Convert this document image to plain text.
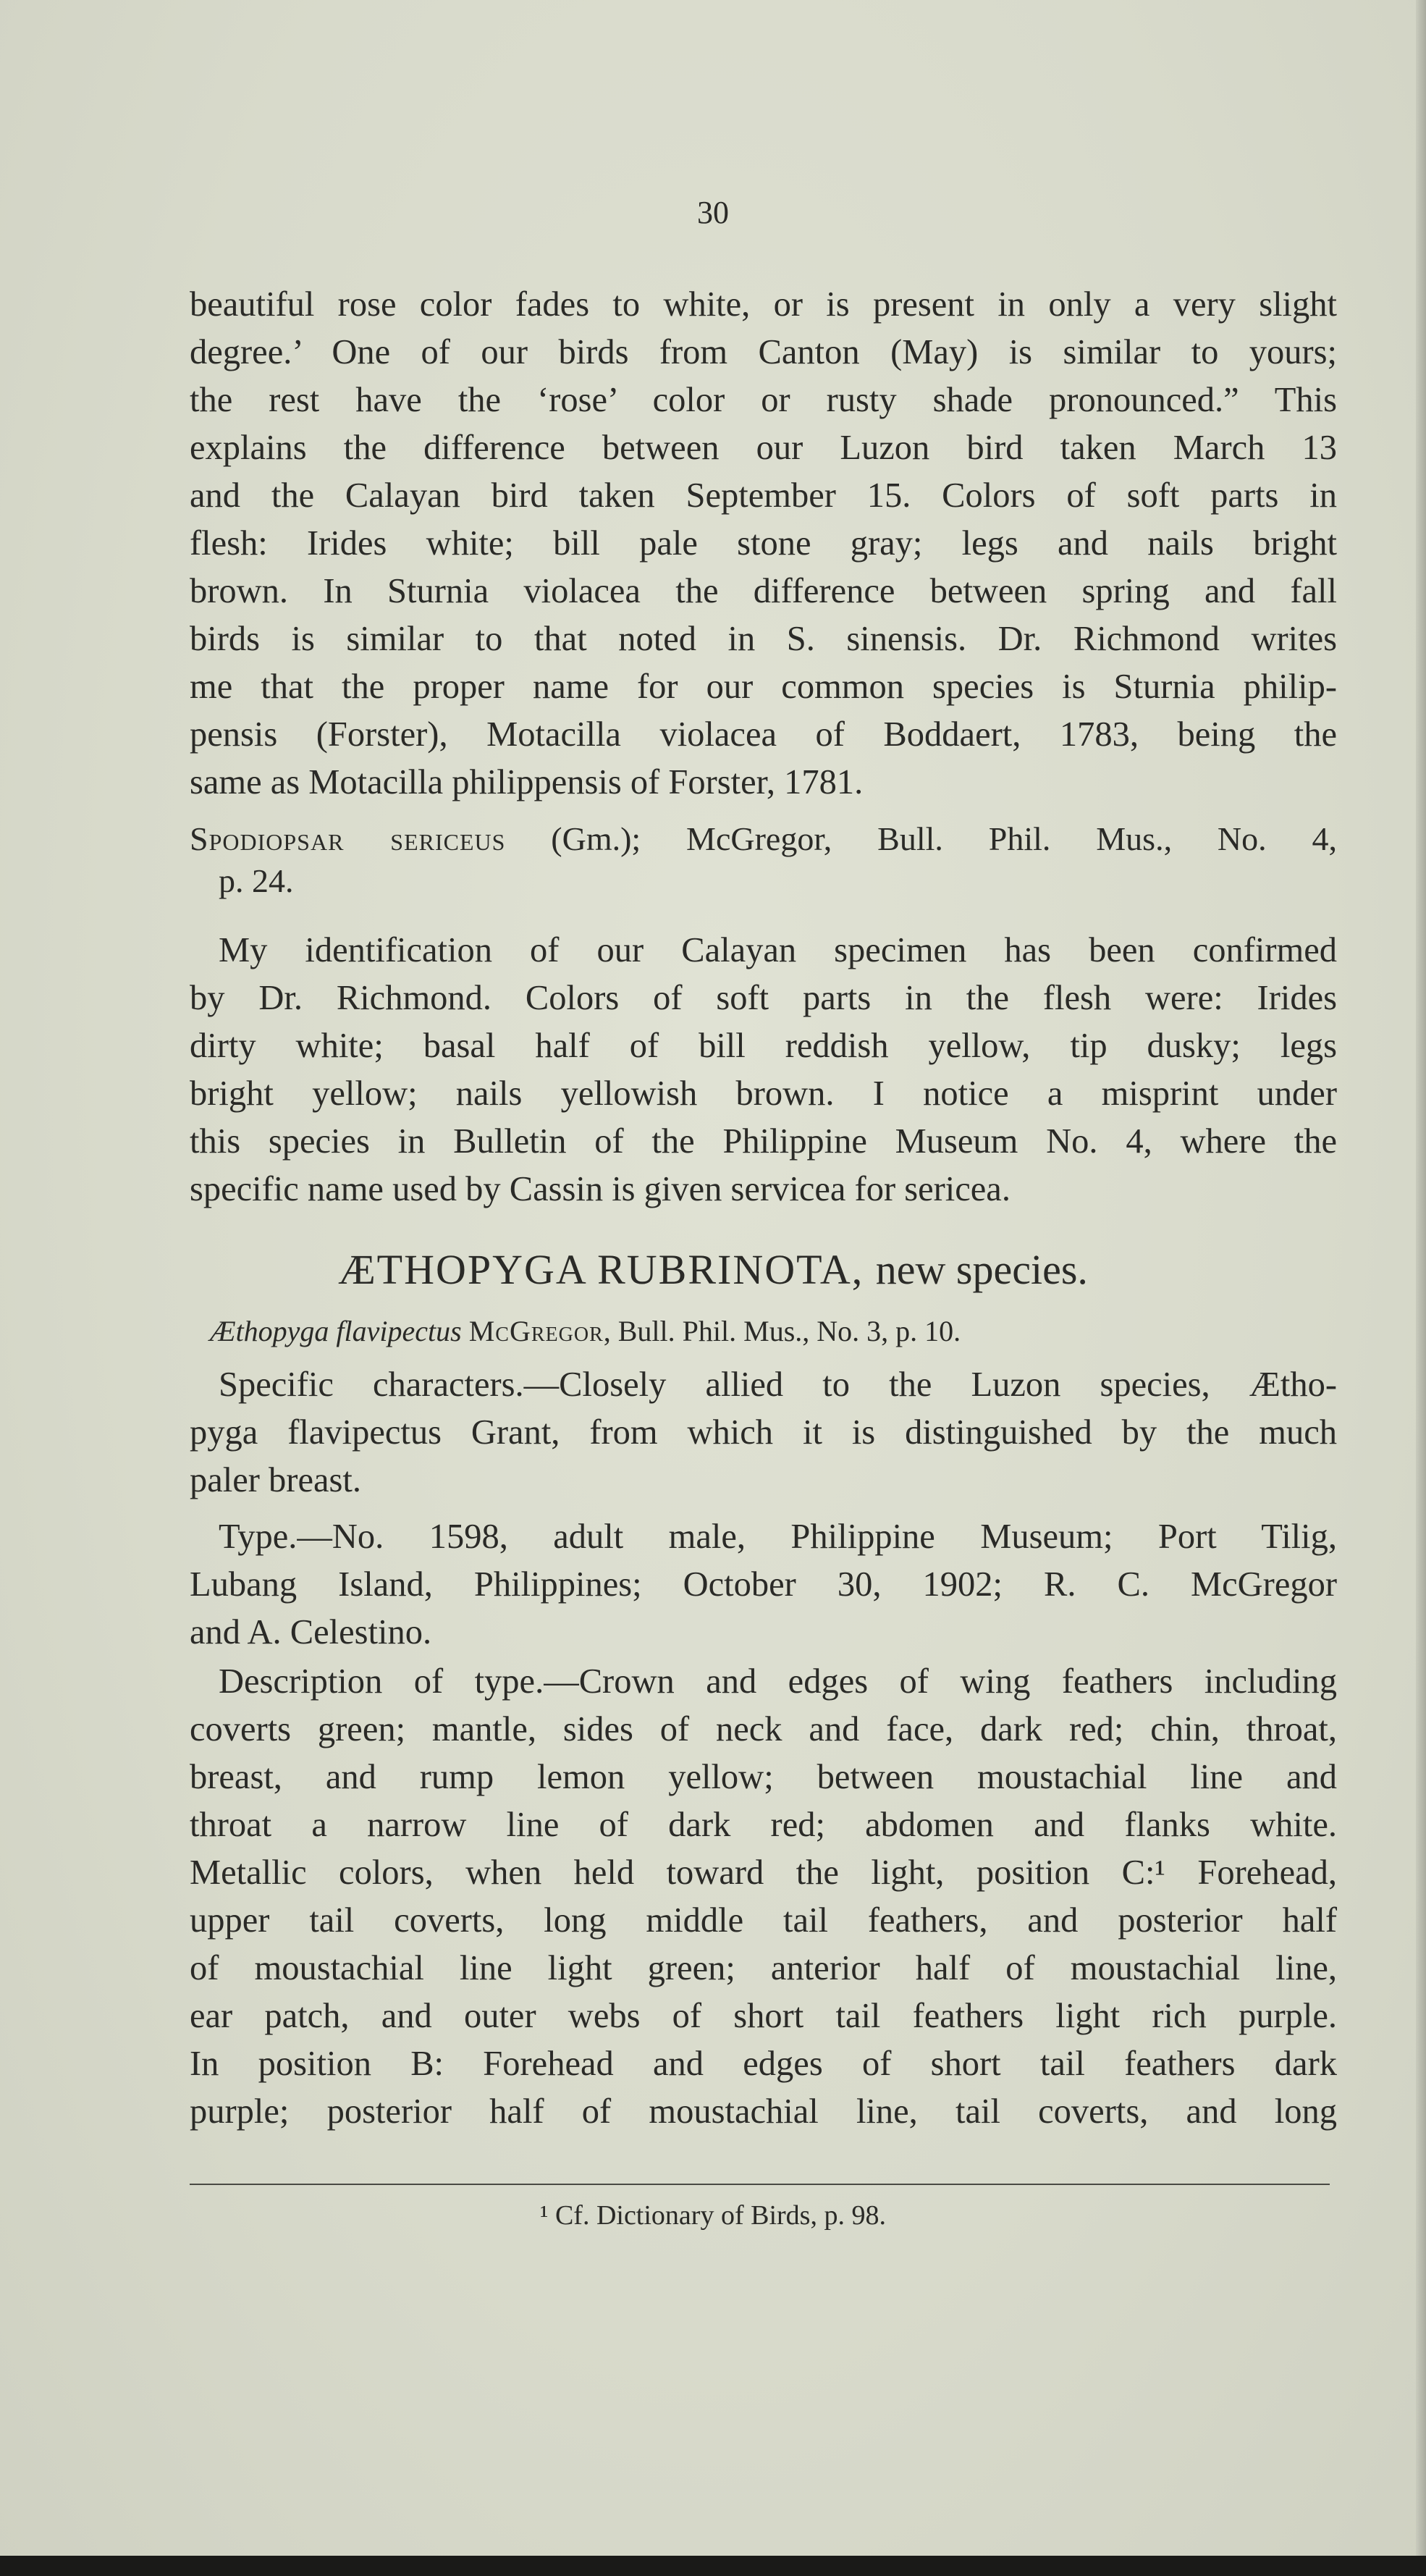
30
beautiful rose color fades to white, or is present in only a very slight
degree.’ One of our birds from Canton (May) is similar to yours;
the rest have the ‘rose’ color or rusty shade pronounced.” This
explains the difference between our Luzon bird taken March 13
and the Calayan bird taken September 15. Colors of soft parts in
flesh: Irides white; bill pale stone gray; legs and nails bright
brown. In Sturnia violacea the difference between spring and fall
birds is similar to that noted in S. sinensis. Dr. Richmond writes
me that the proper name for our common species is Sturnia philip-
pensis (Forster), Motacilla violacea of Boddaert, 1783, being the
same as Motacilla philippensis of Forster, 1781.
Spodiopsar sericeus (Gm.); McGregor, Bull. Phil. Mus., No. 4,
p. 24.
My identification of our Calayan specimen has been confirmed
by Dr. Richmond. Colors of soft parts in the flesh were: Irides
dirty white; basal half of bill reddish yellow, tip dusky; legs
bright yellow; nails yellowish brown. I notice a misprint under
this species in Bulletin of the Philippine Museum No. 4, where the
specific name used by Cassin is given servicea for sericea.
ÆTHOPYGA RUBRINOTA, new species.
Æthopyga flavipectus McGregor, Bull. Phil. Mus., No. 3, p. 10.
Specific characters.—Closely allied to the Luzon species, Ætho-
pyga flavipectus Grant, from which it is distinguished by the much
paler breast.
Type.—No. 1598, adult male, Philippine Museum; Port Tilig,
Lubang Island, Philippines; October 30, 1902; R. C. McGregor
and A. Celestino.
Description of type.—Crown and edges of wing feathers including
coverts green; mantle, sides of neck and face, dark red; chin, throat,
breast, and rump lemon yellow; between moustachial line and
throat a narrow line of dark red; abdomen and flanks white.
Metallic colors, when held toward the light, position C:¹ Forehead,
upper tail coverts, long middle tail feathers, and posterior half
of moustachial line light green; anterior half of moustachial line,
ear patch, and outer webs of short tail feathers light rich purple.
In position B: Forehead and edges of short tail feathers dark
purple; posterior half of moustachial line, tail coverts, and long
¹ Cf. Dictionary of Birds, p. 98.
